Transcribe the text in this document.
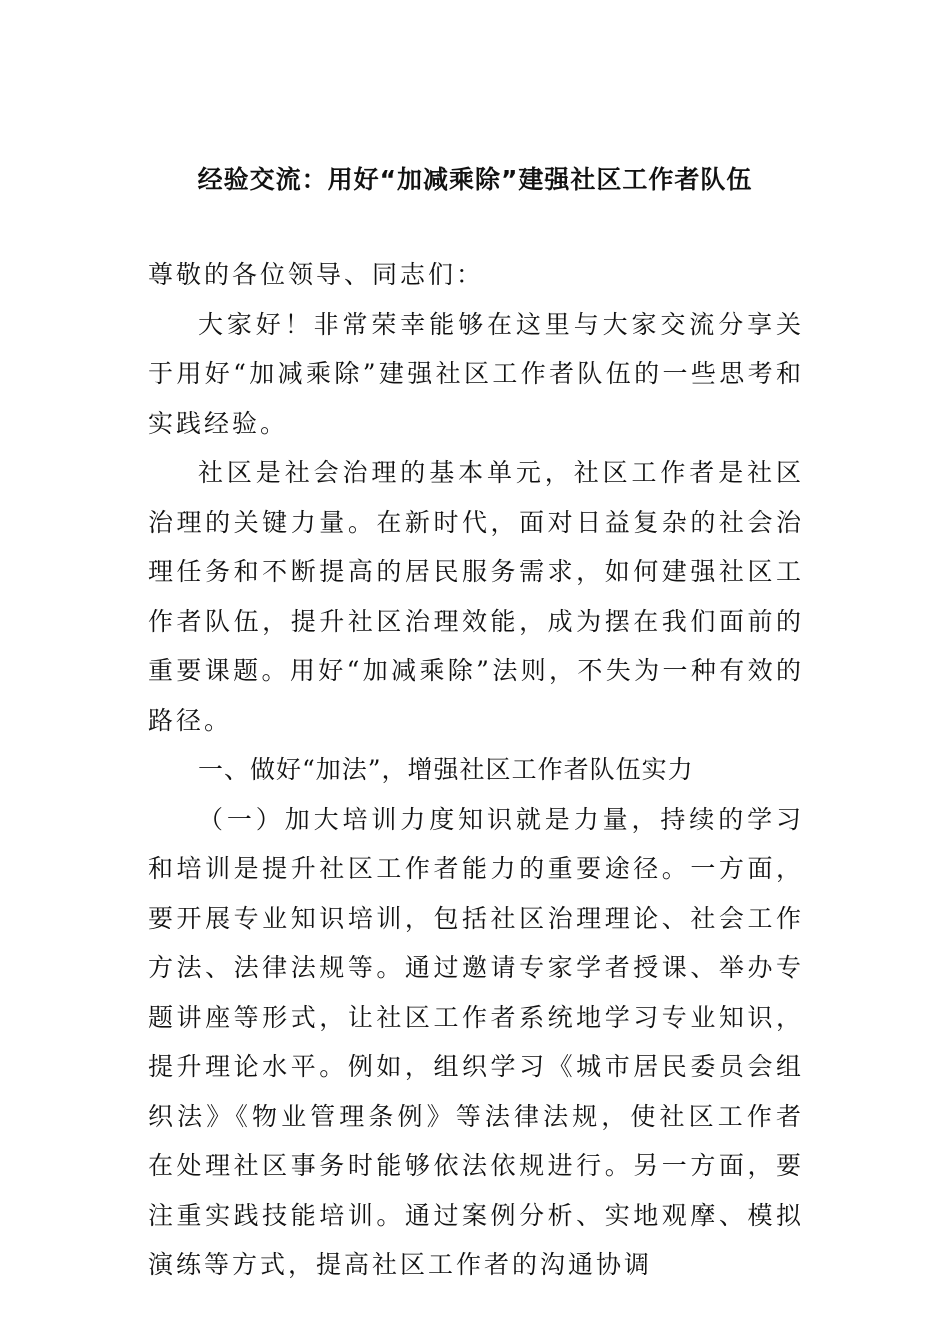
经验交流：用好“加减乘除”建强社区工作者队伍

尊敬的各位领导、同志们：

大家好！非常荣幸能够在这里与大家交流分享关于用好“加减乘除”建强社区工作者队伍的一些思考和实践经验。

社区是社会治理的基本单元，社区工作者是社区治理的关键力量。在新时代，面对日益复杂的社会治理任务和不断提高的居民服务需求，如何建强社区工作者队伍，提升社区治理效能，成为摆在我们面前的重要课题。用好“加减乘除”法则，不失为一种有效的路径。

一、做好“加法”，增强社区工作者队伍实力

（一）加大培训力度知识就是力量，持续的学习和培训是提升社区工作者能力的重要途径。一方面，要开展专业知识培训，包括社区治理理论、社会工作方法、法律法规等。通过邀请专家学者授课、举办专题讲座等形式，让社区工作者系统地学习专业知识，提升理论水平。例如，组织学习《城市居民委员会组织法》《物业管理条例》等法律法规，使社区工作者在处理社区事务时能够依法依规进行。另一方面，要注重实践技能培训。通过案例分析、实地观摩、模拟演练等方式，提高社区工作者的沟通协调
